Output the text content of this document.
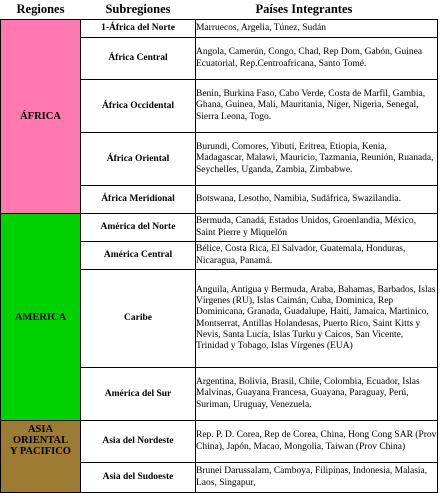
Regiones	Subregiones	Países Integrantes
ÁFRICA	1-África del Norte	Marruecos, Argelia, Túnez, Sudán
	África Central	Angola, Camerún, Congo, Chad, Rep Dom, Gabón, Guinea Ecuatorial, Rep.Centroafricana, Santo Tomé.
	África Occidental	Benin, Burkina Faso, Cabo Verde, Costa de Marfil, Gambia, Ghana, Guinea, Malí, Mauritania, Níger, Nigeria, Senegal, Sierra Leona, Togo.
	África Oriental	Burundi, Comores, Yibuti, Eritrea, Etiopia, Kenia, Madagascar, Malawi, Mauricio, Tazmania, Reunión, Ruanada, Seychelles, Uganda, Zambia, Zimbabwe.
	África Meridional	Botswana, Lesotho, Namibia, Sudáfrica, Swazilandia.
AMERICA	América del Norte	Bermuda, Canadá, Estados Unidos, Groenlandia, México, Saint Pierre y Miquelón
	América Central	Bélice, Costa Rica, El Salvador, Guatemala, Honduras, Nicaragua, Panamá.
	Caribe	Anguila, Antigua y Bermuda, Araba, Bahamas, Barbados, Islas Vírgenes (RU), Islas Caimán, Cuba, Dominica, Rep Dominicana, Granada, Guadalupe, Haití, Jamaica, Martinico, Montserrat, Antillas Holandesas, Puerto Rico, Saint Kitts y Nevis, Santa Lucía, Islas Turku y Caicos, San Vicente, Trinidad y Tobago, Islas Vírgenes (EUA)
	América del Sur	Argentina, Bolivia, Brasil, Chile, Colombia, Ecuador, Islas Malvinas, Guayana Francesa, Guayana, Paraguay, Perú, Suriman, Uruguay, Venezuela.

ASIA
ORIENTAL
Y PACIFICO	Asia del Nordeste	Rep. P. D. Corea, Rep de Corea, China, Hong Cong SAR (Prov China), Japón, Macao, Mongolia, Taiwan (Prov China)
	Asia del Sudoeste	Brunei Darussalam, Camboya, Filipinas, Indonesia, Malasia, Laos, Singapur,
